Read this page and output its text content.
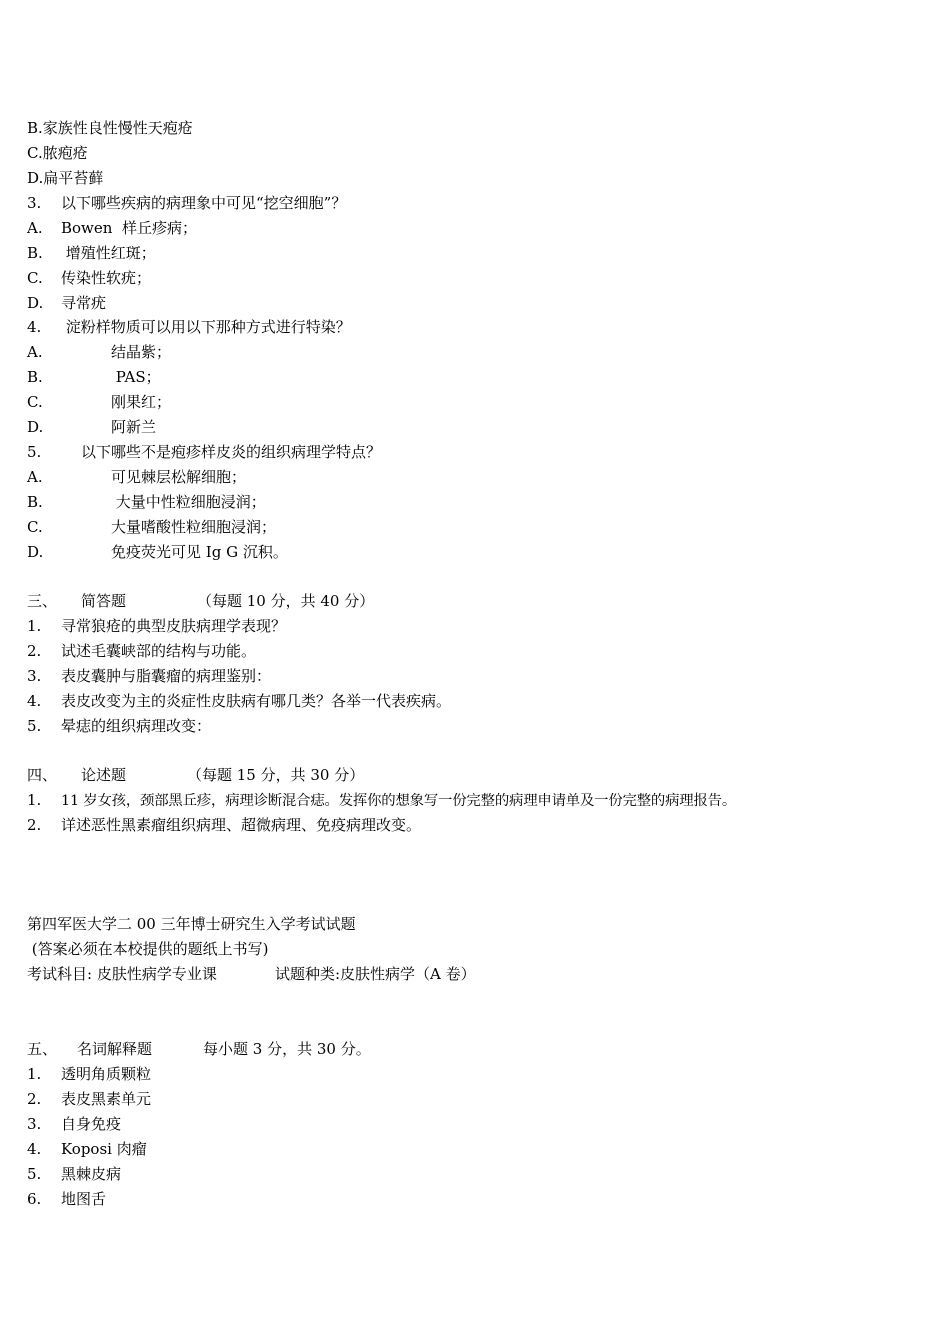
B.家族性良性慢性天疱疮
C.脓疱疮
D.扁平苔藓
3. 以下哪些疾病的病理象中可见“挖空细胞”？
A. Bowen  样丘疹病；
B. 增殖性红斑；
C. 传染性软疣；
D. 寻常疣
4. 淀粉样物质可以用以下那种方式进行特染？
A.	结晶紫；
B.	PAS；
C.	刚果红；
D.	阿新兰
5.	以下哪些不是疱疹样皮炎的组织病理学特点？
A.	可见棘层松解细胞；
B.	大量中性粒细胞浸润；
C.	大量嗜酸性粒细胞浸润；
D.	免疫荧光可见 Ig G 沉积。
三、 简答题	（每题 10 分，共 40 分）
1. 寻常狼疮的典型皮肤病理学表现？
2. 试述毛囊峡部的结构与功能。
3. 表皮囊肿与脂囊瘤的病理鉴别：
4. 表皮改变为主的炎症性皮肤病有哪几类？各举一代表疾病。
5. 晕痣的组织病理改变：
四、 论述题	（每题 15 分，共 30 分）
1. 11 岁女孩，颈部黑丘疹，病理诊断混合痣。发挥你的想象写一份完整的病理申请单及一份完整的病理报告。
2. 详述恶性黑素瘤组织病理、超微病理、免疫病理改变。
第四军医大学二 00 三年博士研究生入学考试试题
(答案必须在本校提供的题纸上书写)
考试科目: 皮肤性病学专业课	试题种类:皮肤性病学（A 卷）
五、 名词解释题	每小题 3 分，共 30 分。
1. 透明角质颗粒
2. 表皮黑素单元
3. 自身免疫
4. Koposi 肉瘤
5. 黑棘皮病
6. 地图舌
